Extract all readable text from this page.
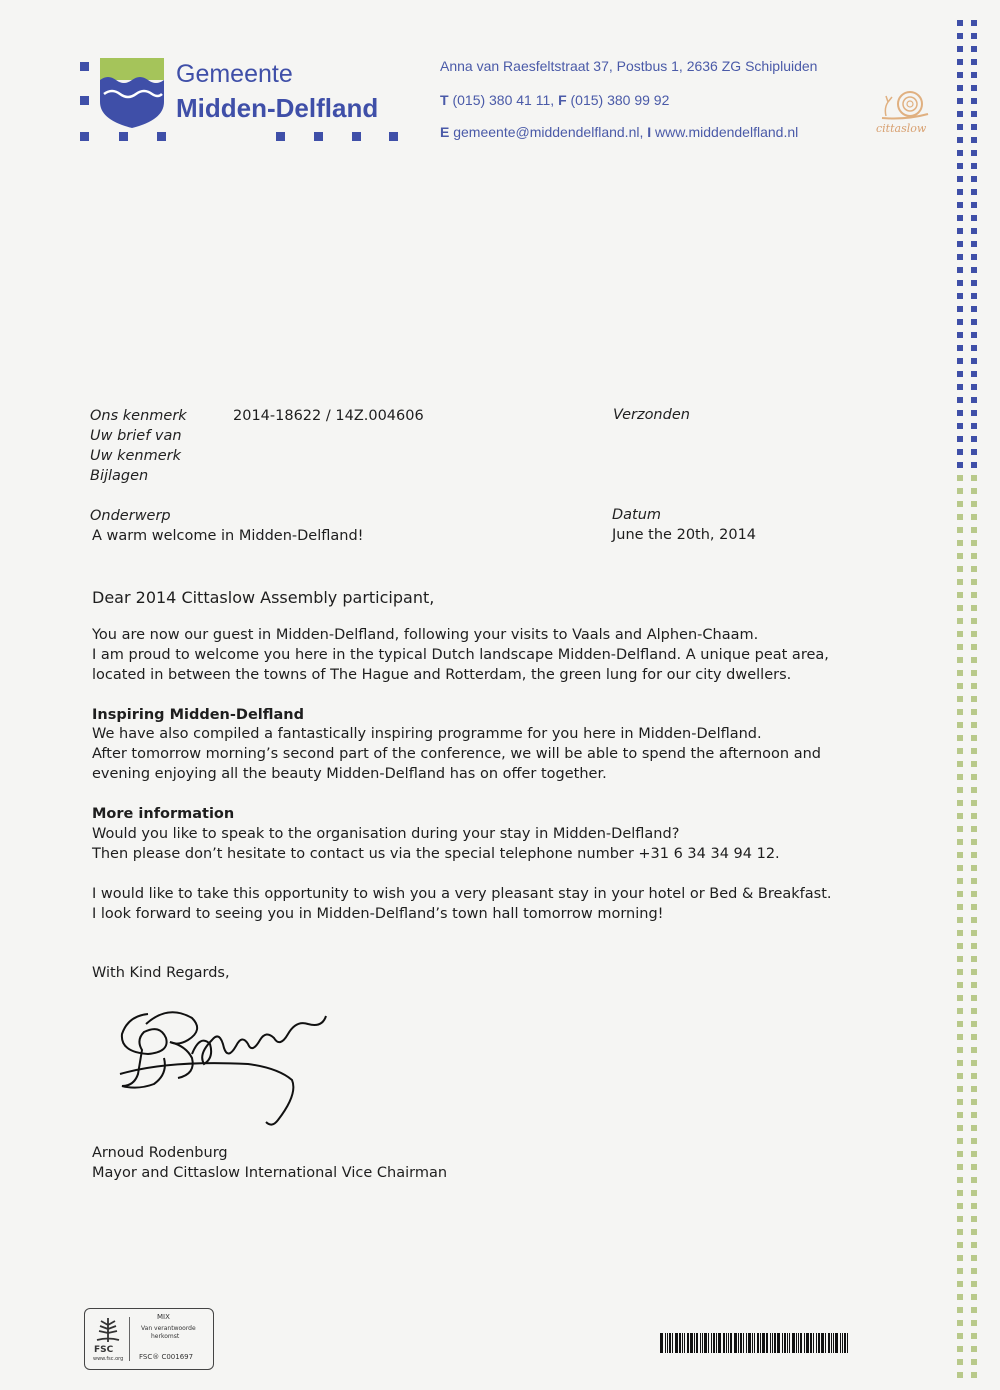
Gemeente
Midden-Delfland
Anna van Raesfeltstraat 37, Postbus 1, 2636 ZG Schipluiden
T (015) 380 41 11, F (015) 380 99 92
E gemeente@middendelfland.nl, I www.middendelfland.nl	cittaslow
Ons kenmerk	2014-18622 / 14Z.004606
Uw brief van
Uw kenmerk
Bijlagen
Verzonden
Onderwerp
A warm welcome in Midden-Delfland!
Datum
June the 20th, 2014
Dear 2014 Cittaslow Assembly participant,
You are now our guest in Midden-Delfland, following your visits to Vaals and Alphen-Chaam.
I am proud to welcome you here in the typical Dutch landscape Midden-Delfland. A unique peat area,
located in between the towns of The Hague and Rotterdam, the green lung for our city dwellers.
Inspiring Midden-Delfland
We have also compiled a fantastically inspiring programme for you here in Midden-Delfland.
After tomorrow morning’s second part of the conference, we will be able to spend the afternoon and
evening enjoying all the beauty Midden-Delfland has on offer together.
More information
Would you like to speak to the organisation during your stay in Midden-Delfland?
Then please don’t hesitate to contact us via the special telephone number +31 6 34 34 94 12.
I would like to take this opportunity to wish you a very pleasant stay in your hotel or Bed & Breakfast.
I look forward to seeing you in Midden-Delfland’s town hall tomorrow morning!
With Kind Regards,
Arnoud Rodenburg
Mayor and Cittaslow International Vice Chairman
FSC
www.fsc.org
MIX
Van verantwoorde
herkomst
FSC® C001697
